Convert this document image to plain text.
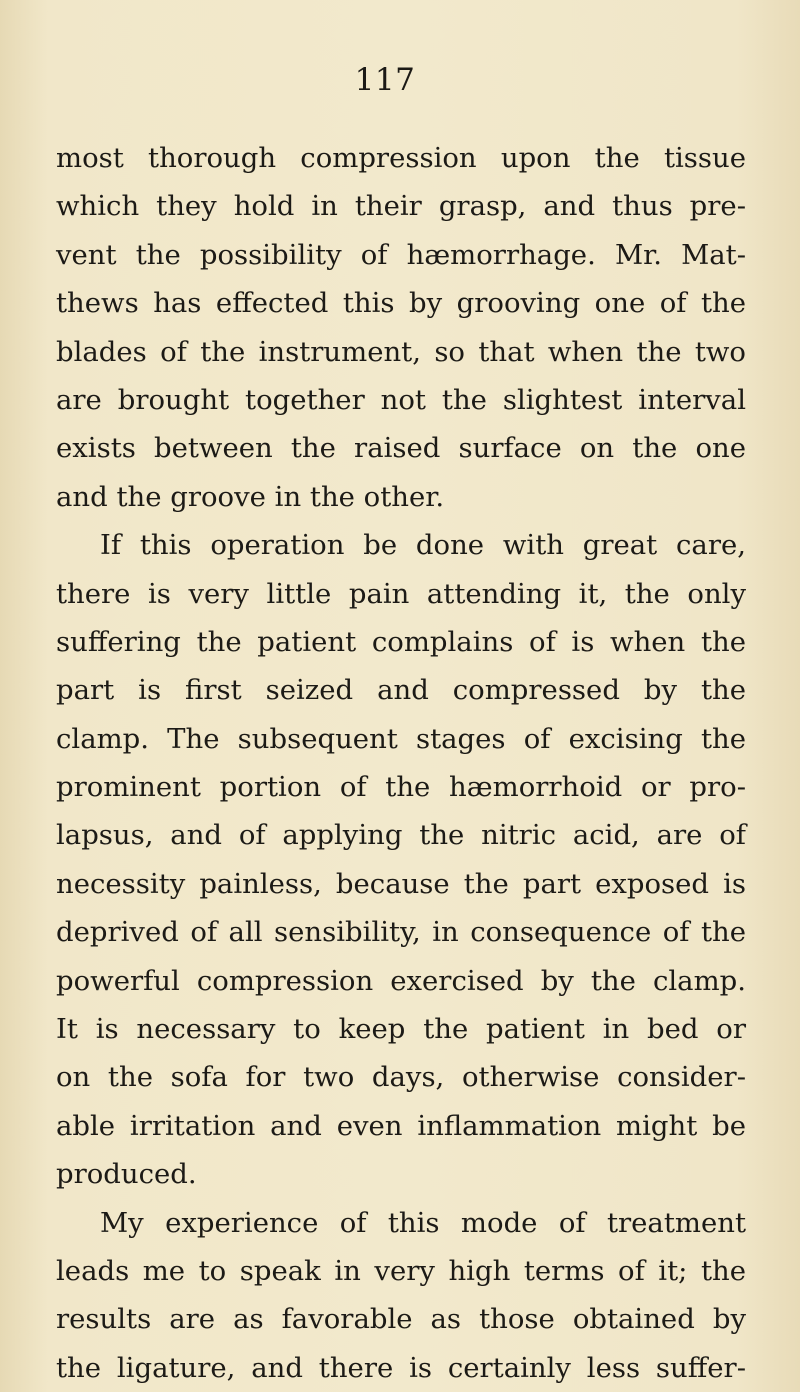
117
most thorough compression upon the tissue
which they hold in their grasp, and thus pre-
vent the possibility of hæmorrhage. Mr. Mat-
thews has effected this by grooving one of the
blades of the instrument, so that when the two
are brought together not the slightest interval
exists between the raised surface on the one
and the groove in the other.
If this operation be done with great care,
there is very little pain attending it, the only
suffering the patient complains of is when the
part is first seized and compressed by the
clamp. The subsequent stages of excising the
prominent portion of the hæmorrhoid or pro-
lapsus, and of applying the nitric acid, are of
necessity painless, because the part exposed is
deprived of all sensibility, in consequence of the
powerful compression exercised by the clamp.
It is necessary to keep the patient in bed or
on the sofa for two days, otherwise consider-
able irritation and even inflammation might be
produced.
My experience of this mode of treatment
leads me to speak in very high terms of it; the
results are as favorable as those obtained by
the ligature, and there is certainly less suffer-
